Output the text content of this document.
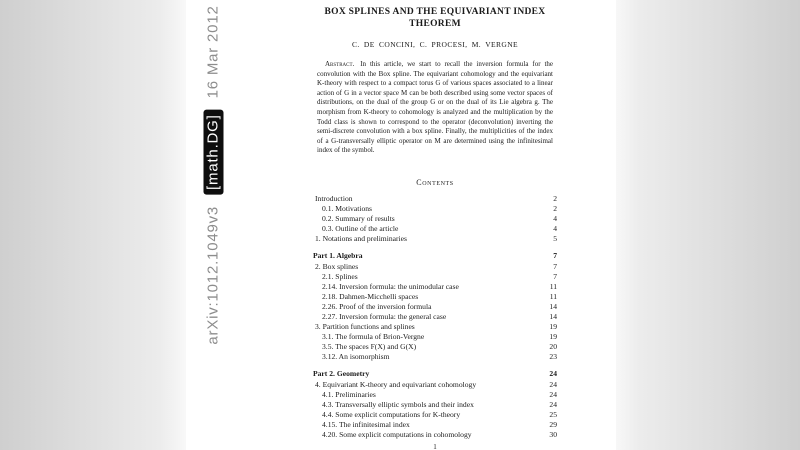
arXiv:1012.1049v3 [math.DG] 16 Mar 2012	BOX SPLINES AND THE EQUIVARIANT INDEX
THEOREM
C. DE CONCINI, C. PROCESI, M. VERGNE
Abstract. In this article, we start to recall the inversion formula for the convolution with the Box spline. The equivariant cohomology and the equivariant K-theory with respect to a compact torus G of various spaces associated to a linear action of G in a vector space M can be both described using some vector spaces of distributions, on the dual of the group G or on the dual of its Lie algebra g. The morphism from K-theory to cohomology is analyzed and the multiplication by the Todd class is shown to correspond to the operator (deconvolution) inverting the semi-discrete convolution with a box spline. Finally, the multiplicities of the index of a G-transversally elliptic operator on M are determined using the infinitesimal index of the symbol.
Contents
Introduction	2
0.1. Motivations	2
0.2. Summary of results	4
0.3. Outline of the article	4
1. Notations and preliminaries	5
Part 1. Algebra	7
2. Box splines	7
2.1. Splines	7
2.14. Inversion formula: the unimodular case	11
2.18. Dahmen-Micchelli spaces	11
2.26. Proof of the inversion formula	14
2.27. Inversion formula: the general case	14
3. Partition functions and splines	19
3.1. The formula of Brion-Vergne	19
3.5. The spaces F(X) and G(X)	20
3.12. An isomorphism	23
Part 2. Geometry	24
4. Equivariant K-theory and equivariant cohomology	24
4.1. Preliminaries	24
4.3. Transversally elliptic symbols and their index	24
4.4. Some explicit computations for K-theory	25
4.15. The infinitesimal index	29
4.20. Some explicit computations in cohomology	30
1
